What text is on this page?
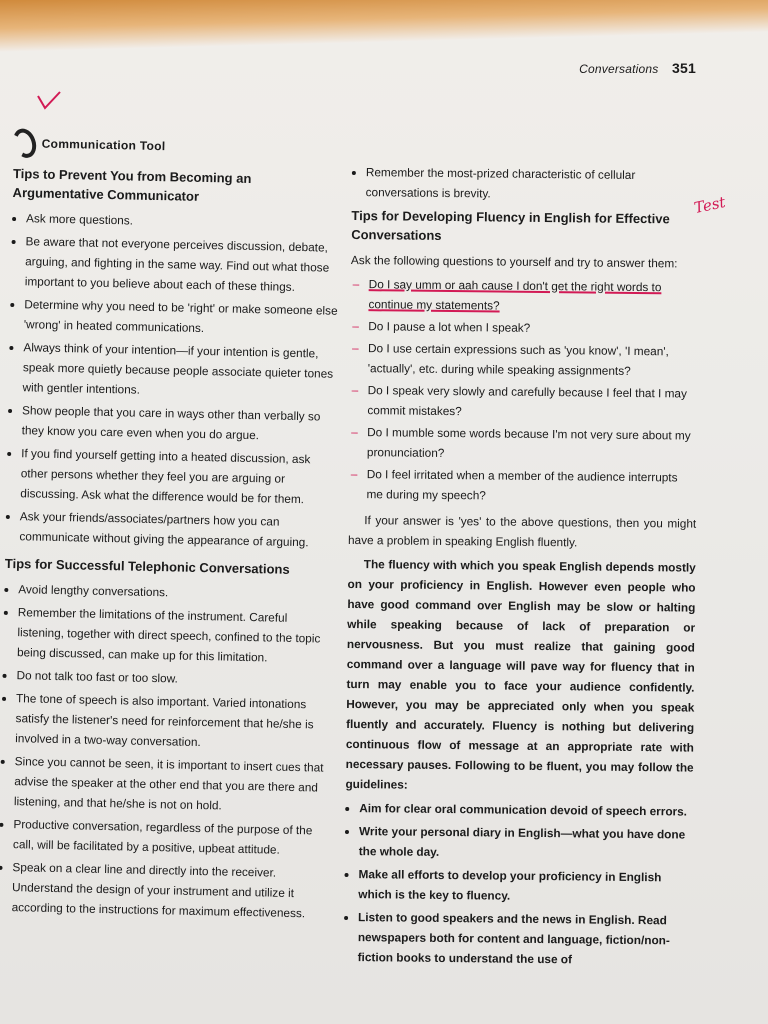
Conversations 351
Test
Communication Tool
Tips to Prevent You from Becoming an Argumentative Communicator
• Ask more questions.
• Be aware that not everyone perceives discussion, debate, arguing, and fighting in the same way. Find out what those important to you believe about each of these things.
• Determine why you need to be 'right' or make someone else 'wrong' in heated communications.
• Always think of your intention—if your intention is gentle, speak more quietly because people associate quieter tones with gentler intentions.
• Show people that you care in ways other than verbally so they know you care even when you do argue.
• If you find yourself getting into a heated discussion, ask other persons whether they feel you are arguing or discussing. Ask what the difference would be for them.
• Ask your friends/associates/partners how you can communicate without giving the appearance of arguing.
Tips for Successful Telephonic Conversations
• Avoid lengthy conversations.
• Remember the limitations of the instrument. Careful listening, together with direct speech, confined to the topic being discussed, can make up for this limitation.
• Do not talk too fast or too slow.
• The tone of speech is also important. Varied intonations satisfy the listener's need for reinforcement that he/she is involved in a two-way conversation.
• Since you cannot be seen, it is important to insert cues that advise the speaker at the other end that you are there and listening, and that he/she is not on hold.
• Productive conversation, regardless of the purpose of the call, will be facilitated by a positive, upbeat attitude.
• Speak on a clear line and directly into the receiver. Understand the design of your instrument and utilize it according to the instructions for maximum effectiveness.
• Remember the most-prized characteristic of cellular conversations is brevity.
Tips for Developing Fluency in English for Effective Conversations

Ask the following questions to yourself and try to answer them:

– Do I say umm or aah cause I don't get the right words to continue my statements?
– Do I pause a lot when I speak?
– Do I use certain expressions such as 'you know', 'I mean', 'actually', etc. during while speaking assignments?
– Do I speak very slowly and carefully because I feel that I may commit mistakes?
– Do I mumble some words because I'm not very sure about my pronunciation?
– Do I feel irritated when a member of the audience interrupts me during my speech?

If your answer is 'yes' to the above questions, then you might have a problem in speaking English fluently.

The fluency with which you speak English depends mostly on your proficiency in English. However even people who have good command over English may be slow or halting while speaking because of lack of preparation or nervousness. But you must realize that gaining good command over a language will pave way for fluency that in turn may enable you to face your audience confidently. However, you may be appreciated only when you speak fluently and accurately. Fluency is nothing but delivering continuous flow of message at an appropriate rate with necessary pauses. Following to be fluent, you may follow the guidelines:

• Aim for clear oral communication devoid of speech errors.
• Write your personal diary in English—what you have done the whole day.
• Make all efforts to develop your proficiency in English which is the key to fluency.
• Listen to good speakers and the news in English. Read newspapers both for content and language, fiction/non-fiction books to understand the use of
